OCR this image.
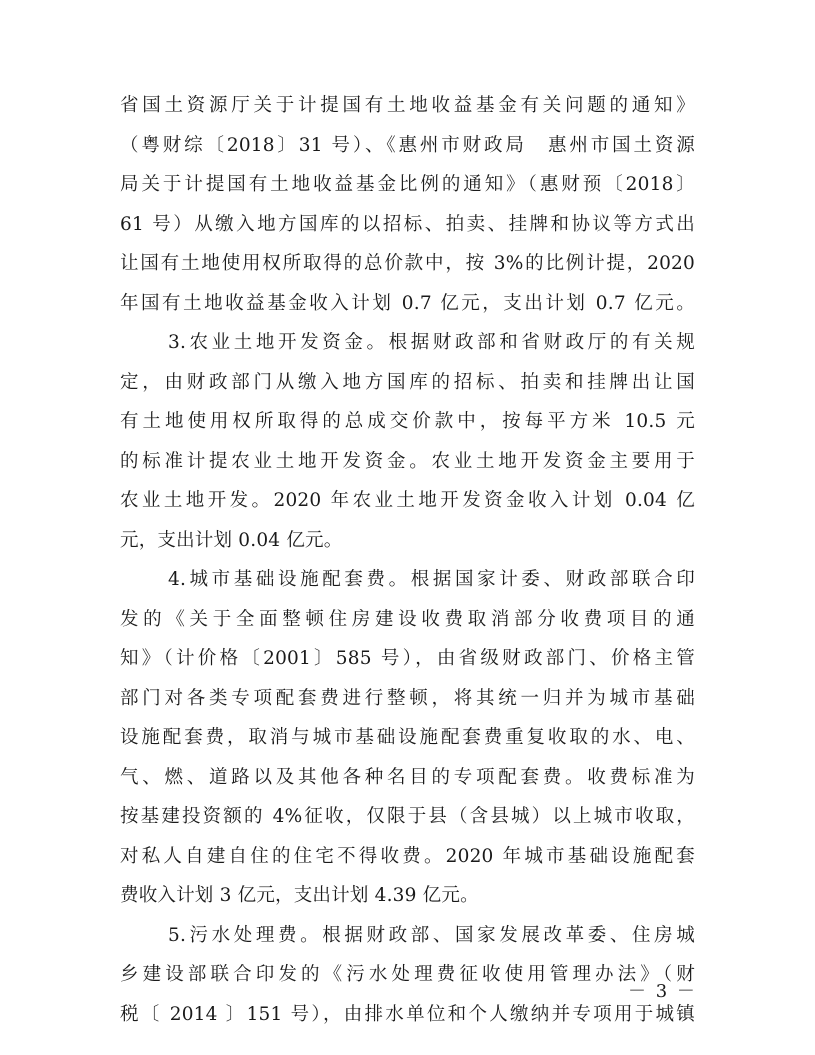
省国土资源厅关于计提国有土地收益基金有关问题的通知》
（粤财综〔2018〕31 号）、《惠州市财政局　惠州市国土资源
局关于计提国有土地收益基金比例的通知》（惠财预〔2018〕
61 号）从缴入地方国库的以招标、拍卖、挂牌和协议等方式出
让国有土地使用权所取得的总价款中，按 3%的比例计提，2020
年国有土地收益基金收入计划 0.7 亿元，支出计划 0.7 亿元。
3.农业土地开发资金。根据财政部和省财政厅的有关规
定，由财政部门从缴入地方国库的招标、拍卖和挂牌出让国
有土地使用权所取得的总成交价款中，按每平方米 10.5 元
的标准计提农业土地开发资金。农业土地开发资金主要用于
农业土地开发。2020 年农业土地开发资金收入计划 0.04 亿
元，支出计划 0.04 亿元。
4.城市基础设施配套费。根据国家计委、财政部联合印
发的《关于全面整顿住房建设收费取消部分收费项目的通
知》（计价格〔2001〕585 号），由省级财政部门、价格主管
部门对各类专项配套费进行整顿，将其统一归并为城市基础
设施配套费，取消与城市基础设施配套费重复收取的水、电、
气、燃、道路以及其他各种名目的专项配套费。收费标准为
按基建投资额的 4%征收，仅限于县（含县城）以上城市收取，
对私人自建自住的住宅不得收费。2020 年城市基础设施配套
费收入计划 3 亿元，支出计划 4.39 亿元。
5.污水处理费。根据财政部、国家发展改革委、住房城
乡建设部联合印发的《污水处理费征收使用管理办法》（财
税〔 2014 〕151 号），由排水单位和个人缴纳并专项用于城镇
－ 3 －
